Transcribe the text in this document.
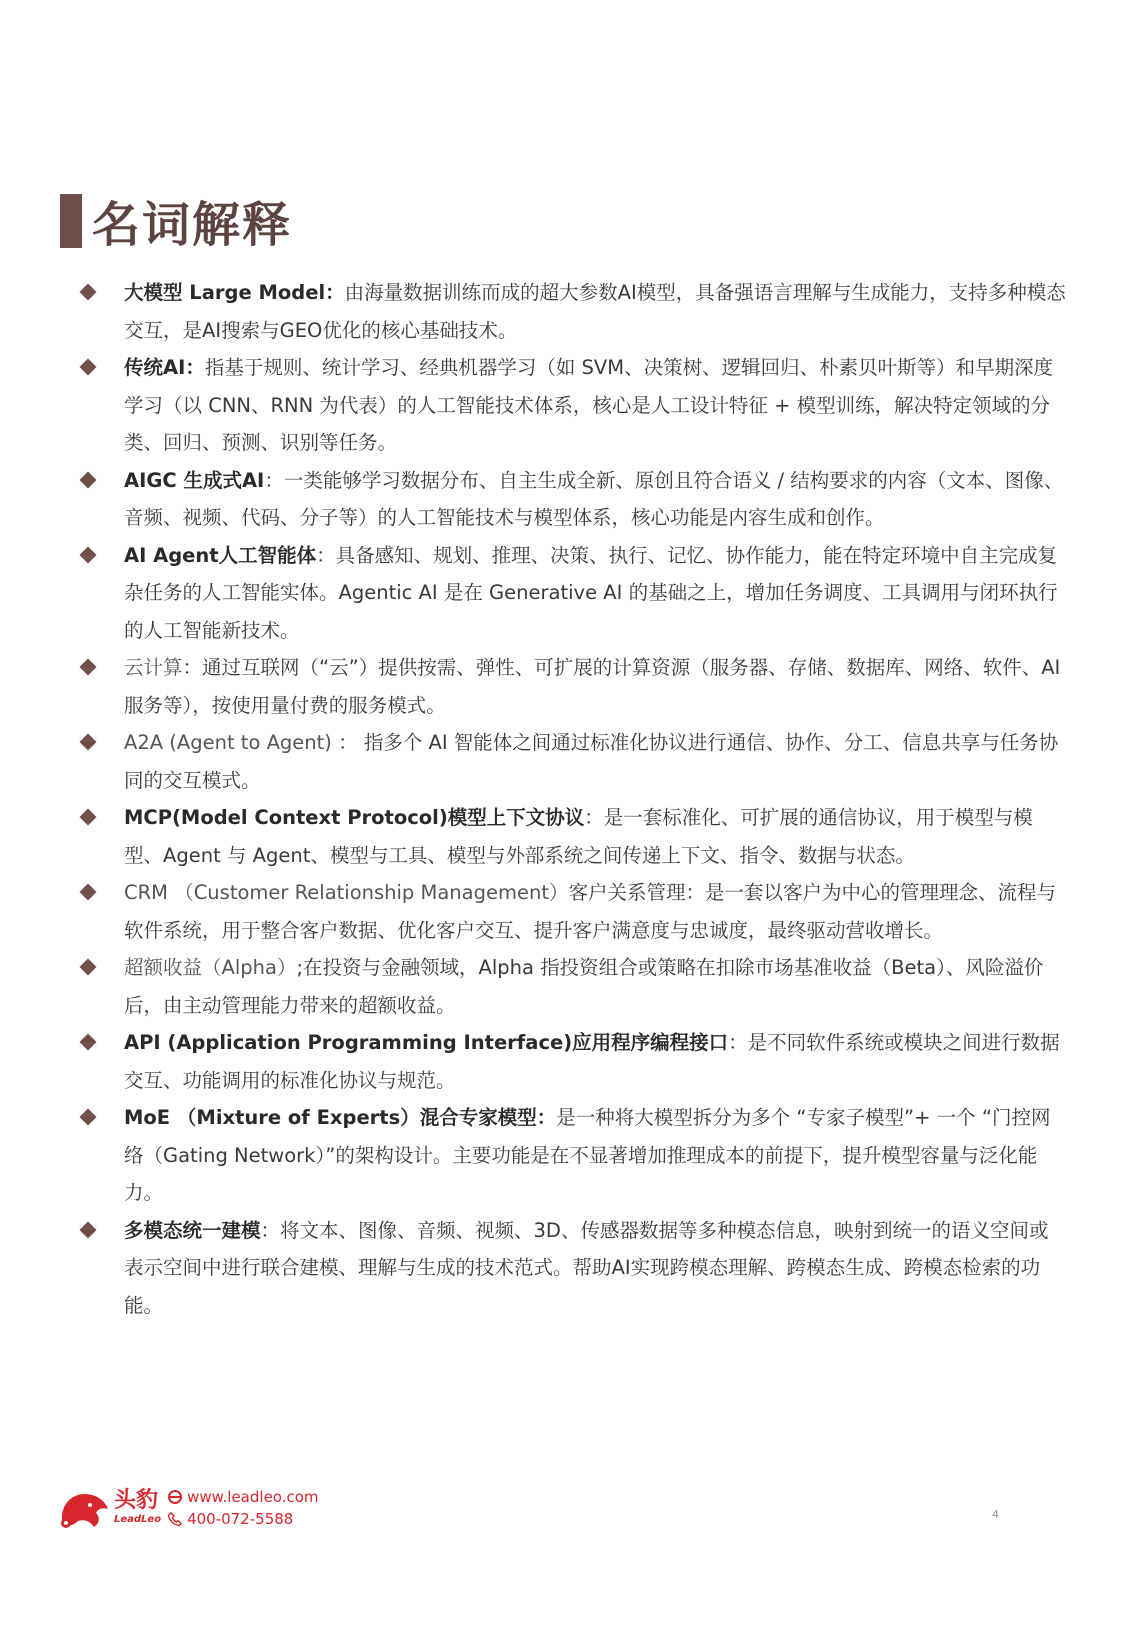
名词解释
大模型 Large Model：由海量数据训练而成的超大参数AI模型，具备强语言理解与生成能力，支持多种模态交互，是AI搜索与GEO优化的核心基础技术。
传统AI：指基于规则、统计学习、经典机器学习（如 SVM、决策树、逻辑回归、朴素贝叶斯等）和早期深度学习（以 CNN、RNN 为代表）的人工智能技术体系，核心是人工设计特征 + 模型训练，解决特定领域的分类、回归、预测、识别等任务。
AIGC 生成式AI：一类能够学习数据分布、自主生成全新、原创且符合语义 / 结构要求的内容（文本、图像、音频、视频、代码、分子等）的人工智能技术与模型体系，核心功能是内容生成和创作。
AI Agent人工智能体：具备感知、规划、推理、决策、执行、记忆、协作能力，能在特定环境中自主完成复杂任务的人工智能实体。Agentic AI 是在 Generative AI 的基础之上，增加任务调度、工具调用与闭环执行的人工智能新技术。
云计算：通过互联网（“云”）提供按需、弹性、可扩展的计算资源（服务器、存储、数据库、网络、软件、AI 服务等），按使用量付费的服务模式。
A2A (Agent to Agent) ： 指多个 AI 智能体之间通过标准化协议进行通信、协作、分工、信息共享与任务协同的交互模式。
MCP(Model Context Protocol)模型上下文协议：是一套标准化、可扩展的通信协议，用于模型与模型、Agent 与 Agent、模型与工具、模型与外部系统之间传递上下文、指令、数据与状态。
CRM （Customer Relationship Management）客户关系管理：是一套以客户为中心的管理理念、流程与软件系统，用于整合客户数据、优化客户交互、提升客户满意度与忠诚度，最终驱动营收增长。
超额收益（Alpha）;在投资与金融领域，Alpha 指投资组合或策略在扣除市场基准收益（Beta）、风险溢价后，由主动管理能力带来的超额收益。
API (Application Programming Interface)应用程序编程接口：是不同软件系统或模块之间进行数据交互、功能调用的标准化协议与规范。
MoE （Mixture of Experts）混合专家模型：是一种将大模型拆分为多个 “专家子模型”+ 一个 “门控网络（Gating Network）”的架构设计。主要功能是在不显著增加推理成本的前提下，提升模型容量与泛化能力。
多模态统一建模：将文本、图像、音频、视频、3D、传感器数据等多种模态信息，映射到统一的语义空间或表示空间中进行联合建模、理解与生成的技术范式。帮助AI实现跨模态理解、跨模态生成、跨模态检索的功能。
头豹
LeadLeo
www.leadleo.com
400-072-5588	4
